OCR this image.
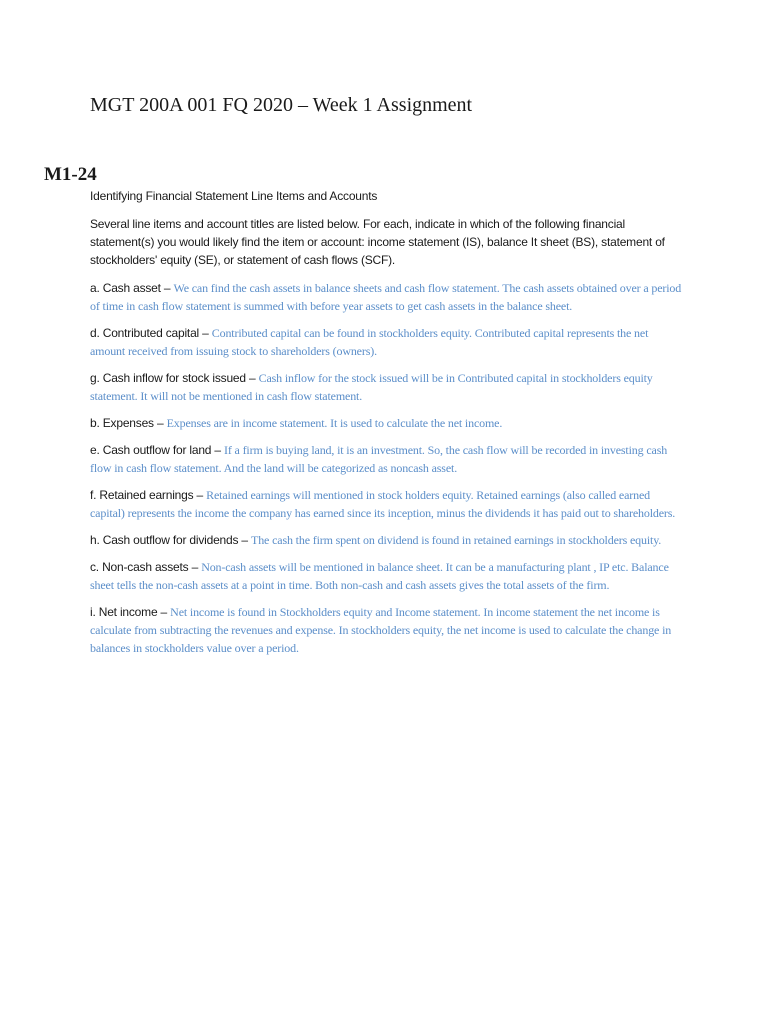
MGT 200A 001 FQ 2020 – Week 1 Assignment
M1-24

Identifying Financial Statement Line Items and Accounts

Several line items and account titles are listed below. For each, indicate in which of the following financial statement(s) you would likely find the item or account: income statement (IS), balance It sheet (BS), statement of stockholders' equity (SE), or statement of cash flows (SCF).

a. Cash asset – We can find the cash assets in balance sheets and cash flow statement. The cash assets obtained over a period of time in cash flow statement is summed with before year assets to get cash assets in the balance sheet.

d. Contributed capital – Contributed capital can be found in stockholders equity. Contributed capital represents the net amount received from issuing stock to shareholders (owners).

g. Cash inflow for stock issued – Cash inflow for the stock issued will be in Contributed capital in stockholders equity statement. It will not be mentioned in cash flow statement.

b. Expenses – Expenses are in income statement. It is used to calculate the net income.

e. Cash outflow for land – If a firm is buying land, it is an investment. So, the cash flow will be recorded in investing cash flow in cash flow statement. And the land will be categorized as noncash asset.

f. Retained earnings – Retained earnings will mentioned in stock holders equity. Retained earnings (also called earned capital) represents the income the company has earned since its inception, minus the dividends it has paid out to shareholders.

h. Cash outflow for dividends – The cash the firm spent on dividend is found in retained earnings in stockholders equity.

c. Non-cash assets – Non-cash assets will be mentioned in balance sheet. It can be a manufacturing plant , IP etc. Balance sheet tells the non-cash assets at a point in time. Both non-cash and cash assets gives the total assets of the firm.

i. Net income – Net income is found in Stockholders equity and Income statement. In income statement the net income is calculate from subtracting the revenues and expense. In stockholders equity, the net income is used to calculate the change in balances in stockholders value over a period.
